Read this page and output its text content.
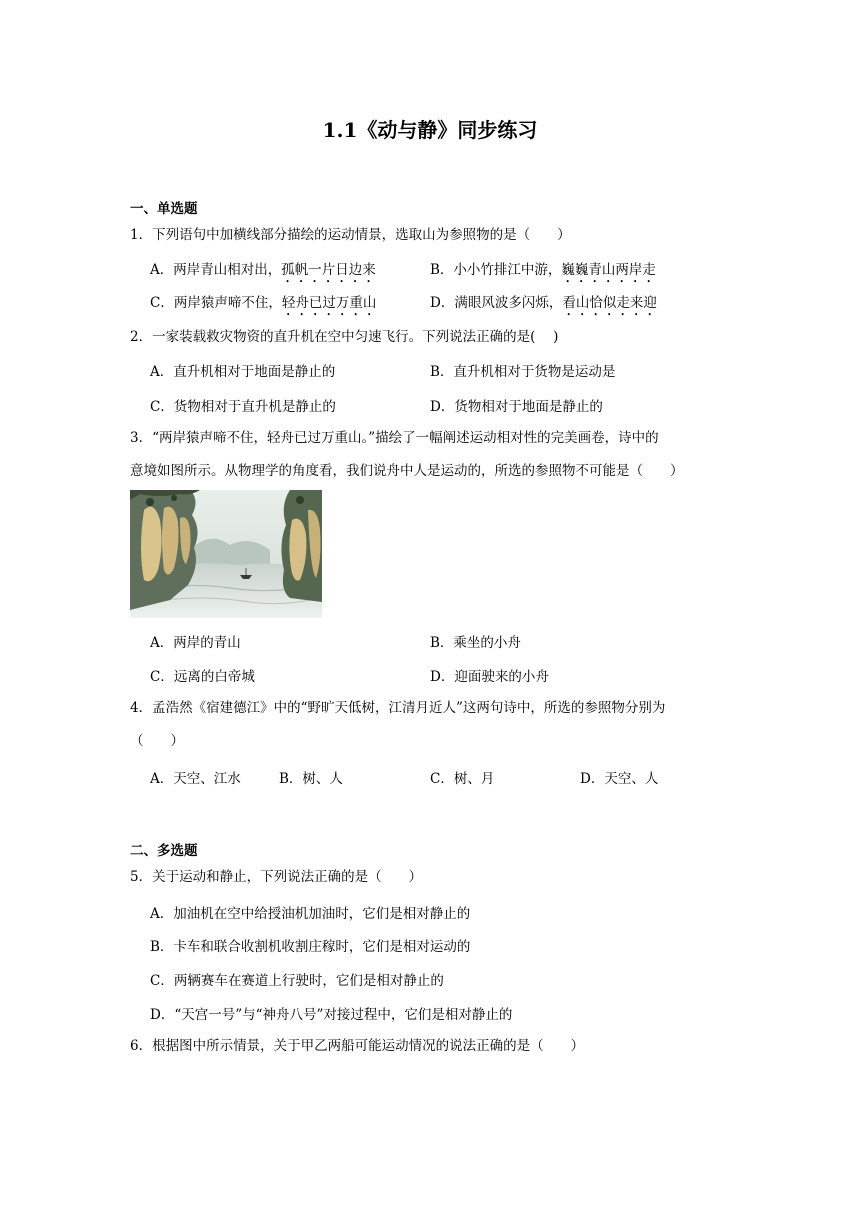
1.1《动与静》同步练习
一、单选题
1．下列语句中加横线部分描绘的运动情景，选取山为参照物的是（　　）
A．两岸青山相对出，孤帆一片日边来	B．小小竹排江中游，巍巍青山两岸走
C．两岸猿声啼不住，轻舟已过万重山	D．满眼风波多闪烁，看山恰似走来迎
2．一家装载救灾物资的直升机在空中匀速飞行。下列说法正确的是(　 )
A．直升机相对于地面是静止的	B．直升机相对于货物是运动是
C．货物相对于直升机是静止的	D．货物相对于地面是静止的
3．“两岸猿声啼不住，轻舟已过万重山。”描绘了一幅阐述运动相对性的完美画卷，诗中的
意境如图所示。从物理学的角度看，我们说舟中人是运动的，所选的参照物不可能是（　　）
A．两岸的青山	B．乘坐的小舟
C．远离的白帝城	D．迎面驶来的小舟
4．孟浩然《宿建德江》中的“野旷天低树，江清月近人”这两句诗中，所选的参照物分别为
（　　）
A．天空、江水	B．树、人	C．树、月	D．天空、人
二、多选题
5．关于运动和静止，下列说法正确的是（　　）
A．加油机在空中给授油机加油时，它们是相对静止的
B．卡车和联合收割机收割庄稼时，它们是相对运动的
C．两辆赛车在赛道上行驶时，它们是相对静止的
D．“天宫一号”与“神舟八号”对接过程中，它们是相对静止的
6．根据图中所示情景，关于甲乙两船可能运动情况的说法正确的是（　　）
